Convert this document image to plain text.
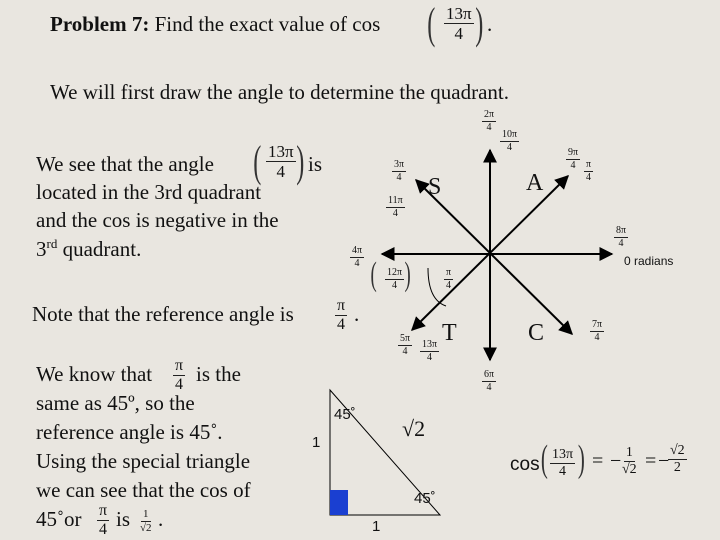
Problem 7: Find the exact value of cos ( $\frac{13\pi}{4}$ ) .
We will first draw the angle to determine the quadrant.
We see that the angle ( $\frac{13\pi}{4}$ ) is
located in the 3rd quadrant
and the cos is negative in the
3rd quadrant.
Note that the reference angle is	$\frac{\pi}{4}$ .
We know that $\frac{\pi}{4}$ is the
same as 45º, so the
reference angle is 45˚.
Using the special triangle
we can see that the cos of
45˚or $\frac{\pi}{4}$ is $\frac{1}{√2}$ .
$\frac{2\pi}{4}$
$\frac{10\pi}{4}$
$\frac{9\pi}{4}$
$\frac{\pi}{4}$
$\frac{3\pi}{4}$
$\frac{11\pi}{4}$
$\frac{8\pi}{4}$
0 radians
$\frac{4\pi}{4}$ ( $\frac{12\pi}{4}$ )	$\frac{\pi}{4}$
$\frac{5\pi}{4} \frac{13\pi}{4}$
$\frac{7\pi}{4}$
$\frac{6\pi}{4}$
S	A
T	C
45˚
45˚
1
1
√2
cos ( $\frac{13\pi}{4}$ ) = − $\frac{1}{√2}$ = −
$\frac{√2}{2}$
